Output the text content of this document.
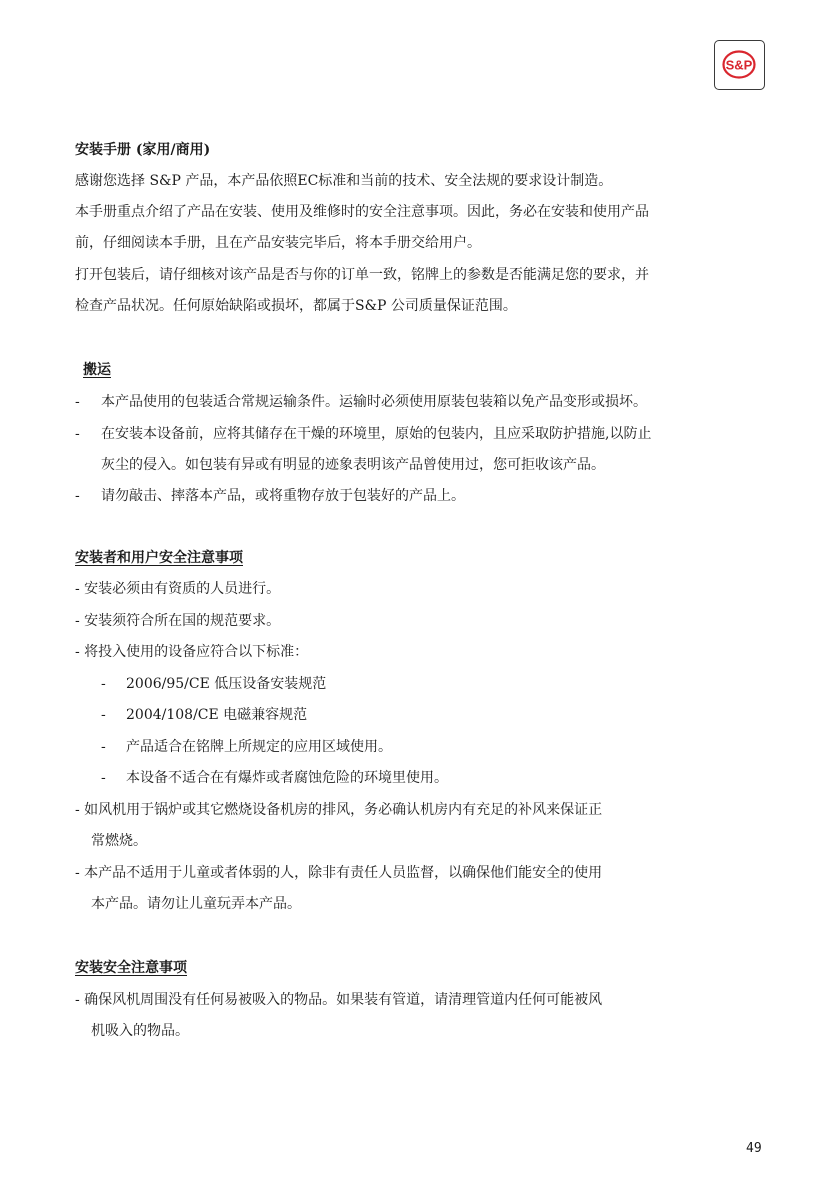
S&P
安装手册 (家用/商用)
感谢您选择 S&P 产品，本产品依照EC标准和当前的技术、安全法规的要求设计制造。
本手册重点介绍了产品在安装、使用及维修时的安全注意事项。因此，务必在安装和使用产品
前，仔细阅读本手册，且在产品安装完毕后，将本手册交给用户。
打开包装后，请仔细核对该产品是否与你的订单一致，铭牌上的参数是否能满足您的要求，并
检查产品状况。任何原始缺陷或损坏，都属于S&P 公司质量保证范围。
搬运
- 本产品使用的包装适合常规运输条件。运输时必须使用原装包装箱以免产品变形或损坏。
- 在安装本设备前，应将其储存在干燥的环境里，原始的包装内，且应采取防护措施,以防止
灰尘的侵入。如包装有异或有明显的迹象表明该产品曾使用过，您可拒收该产品。
- 请勿敲击、摔落本产品，或将重物存放于包装好的产品上。
安装者和用户安全注意事项
- 安装必须由有资质的人员进行。
- 安装须符合所在国的规范要求。
- 将投入使用的设备应符合以下标准：
- 2006/95/CE 低压设备安装规范
- 2004/108/CE 电磁兼容规范
- 产品适合在铭牌上所规定的应用区域使用。
- 本设备不适合在有爆炸或者腐蚀危险的环境里使用。
- 如风机用于锅炉或其它燃烧设备机房的排风，务必确认机房内有充足的补风来保证正
常燃烧。
- 本产品不适用于儿童或者体弱的人，除非有责任人员监督，以确保他们能安全的使用
本产品。请勿让儿童玩弄本产品。
安装安全注意事项
- 确保风机周围没有任何易被吸入的物品。如果装有管道，请清理管道内任何可能被风
机吸入的物品。
49
